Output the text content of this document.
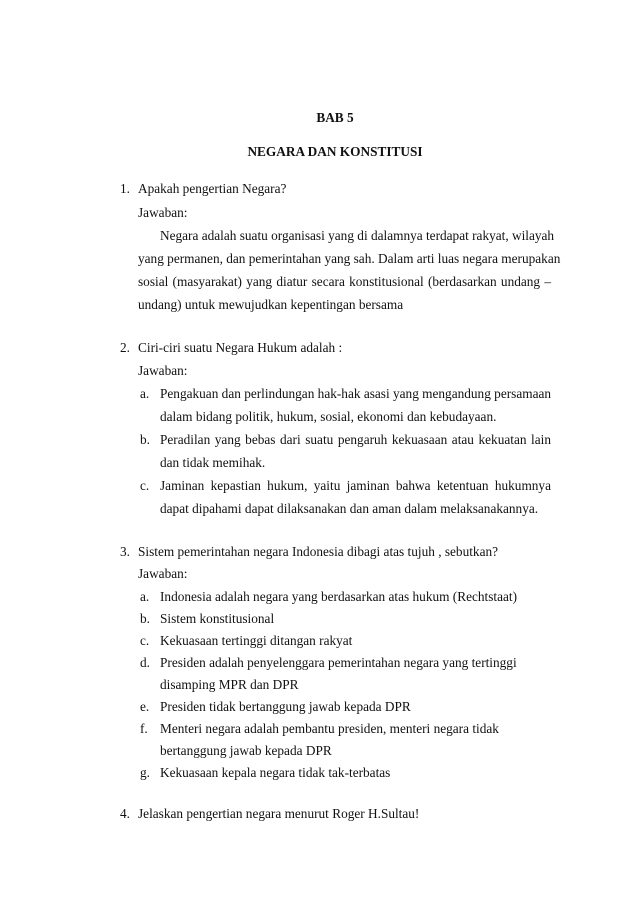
BAB 5
NEGARA DAN KONSTITUSI
1. Apakah pengertian Negara?
Jawaban:
Negara adalah suatu organisasi yang di dalamnya terdapat rakyat, wilayah
yang permanen, dan pemerintahan yang sah. Dalam arti luas negara merupakan
sosial (masyarakat) yang diatur secara konstitusional (berdasarkan undang –
undang) untuk mewujudkan kepentingan bersama
2. Ciri-ciri suatu Negara Hukum adalah :
Jawaban:
a. Pengakuan dan perlindungan hak-hak asasi yang mengandung persamaan
dalam bidang politik, hukum, sosial, ekonomi dan kebudayaan.
b. Peradilan yang bebas dari suatu pengaruh kekuasaan atau kekuatan lain
dan tidak memihak.
c. Jaminan kepastian hukum, yaitu jaminan bahwa ketentuan hukumnya
dapat dipahami dapat dilaksanakan dan aman dalam melaksanakannya.
3. Sistem pemerintahan negara Indonesia dibagi atas tujuh , sebutkan?
Jawaban:
a. Indonesia adalah negara yang berdasarkan atas hukum (Rechtstaat)
b. Sistem konstitusional
c. Kekuasaan tertinggi ditangan rakyat
d. Presiden adalah penyelenggara pemerintahan negara yang tertinggi
disamping MPR dan DPR
e. Presiden tidak bertanggung jawab kepada DPR
f. Menteri negara adalah pembantu presiden, menteri negara tidak
bertanggung jawab kepada DPR
g. Kekuasaan kepala negara tidak tak-terbatas
4. Jelaskan pengertian negara menurut Roger H.Sultau!
